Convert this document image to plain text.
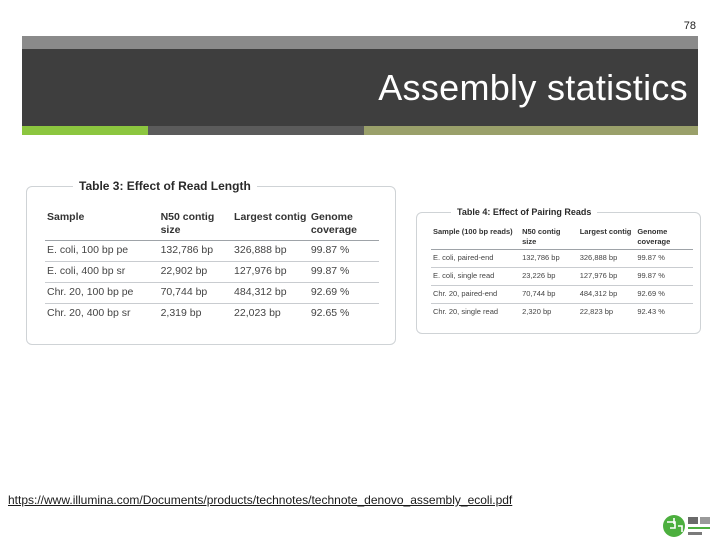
78
Assembly statistics
Table 3: Effect of Read Length
Sample	N50 contig size	Largest contig	Genome coverage
E. coli, 100 bp pe	132,786 bp	326,888 bp	99.87 %
E. coli, 400 bp sr	22,902 bp	127,976 bp	99.87 %
Chr. 20, 100 bp pe	70,744 bp	484,312 bp	92.69 %
Chr. 20, 400 bp sr	2,319 bp	22,023 bp	92.65 %
Table 4: Effect of Pairing Reads
Sample (100 bp reads)	N50 contig size	Largest contig	Genome coverage
E. coli, paired-end	132,786 bp	326,888 bp	99.87 %
E. coli, single read	23,226 bp	127,976 bp	99.87 %
Chr. 20, paired-end	70,744 bp	484,312 bp	92.69 %
Chr. 20, single read	2,320 bp	22,823 bp	92.43 %
https://www.illumina.com/Documents/products/technotes/technote_denovo_assembly_ecoli.pdf
